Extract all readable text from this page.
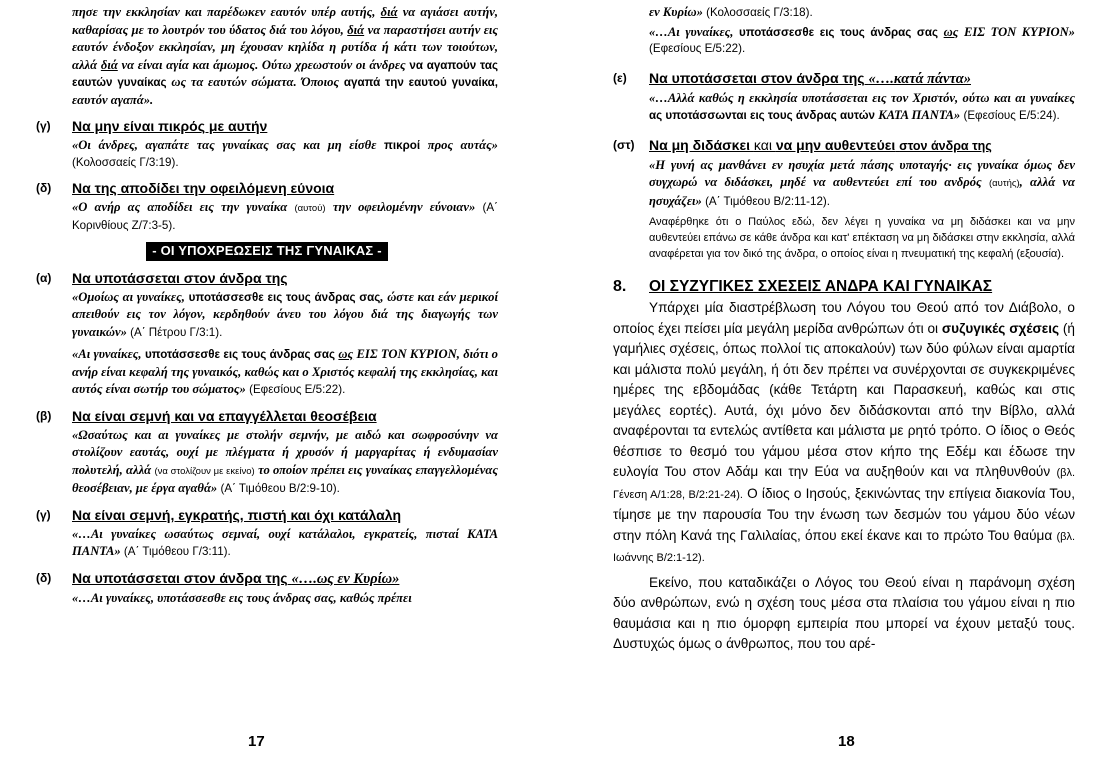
πησε την εκκλησίαν και παρέδωκεν εαυτόν υπέρ αυτής, διά να αγιάσει αυτήν, καθαρίσας με το λουτρόν του ύδατος διά του λόγου, διά να παραστήσει αυτήν εις εαυτόν ένδοξον εκκλησίαν, μη έχουσαν κηλίδα η ρυτίδα ή κάτι των τοιούτων, αλλά διά να είναι αγία και άμωμος. Ούτω χρεωστούν οι άνδρες να αγαπούν τας εαυτών γυναίκας ως τα εαυτών σώματα. Όποιος αγαπά την εαυτού γυναίκα, εαυτόν αγαπά».

(γ)	Να μην είναι πικρός με αυτήν

«Οι άνδρες, αγαπάτε τας γυναίκας σας και μη είσθε πικροί προς αυτάς» (Κολοσσαείς Γ/3:19).

(δ)	Να της αποδίδει την οφειλόμενη εύνοια

«Ο ανήρ ας αποδίδει εις την γυναίκα (αυτού) την οφειλομένην εύνοιαν» (Α΄ Κορινθίους Ζ/7:3-5).

- ΟΙ ΥΠΟΧΡΕΩΣΕΙΣ ΤΗΣ ΓΥΝΑΙΚΑΣ -
(α)	Να υποτάσσεται στον άνδρα της

«Ομοίως αι γυναίκες, υποτάσσεσθε εις τους άνδρας σας, ώστε και εάν μερικοί απειθούν εις τον λόγον, κερδηθούν άνευ του λόγου διά της διαγωγής των γυναικών» (Α΄ Πέτρου Γ/3:1).

«Αι γυναίκες, υποτάσσεσθε εις τους άνδρας σας ως ΕΙΣ ΤΟΝ ΚΥΡΙΟΝ, διότι ο ανήρ είναι κεφαλή της γυναικός, καθώς και ο Χριστός κεφαλή της εκκλησίας, και αυτός είναι σωτήρ του σώματος» (Εφεσίους Ε/5:22).

(β)	Να είναι σεμνή και να επαγγέλλεται θεοσέβεια

«Ωσαύτως και αι γυναίκες με στολήν σεμνήν, με αιδώ και σωφροσύνην να στολίζουν εαυτάς, ουχί με πλέγματα ή χρυσόν ή μαργαρίτας ή ενδυμασίαν πολυτελή, αλλά (να στολίζουν με εκείνο) το οποίον πρέπει εις γυναίκας επαγγελλομένας θεοσέβειαν, με έργα αγαθά» (Α΄ Τιμόθεου Β/2:9-10).

(γ)	Να είναι σεμνή, εγκρατής, πιστή και όχι κατάλαλη

«…Αι γυναίκες ωσαύτως σεμναί, ουχί κατάλαλοι, εγκρατείς, πισταί ΚΑΤΑ ΠΑΝΤΑ» (Α΄ Τιμόθεου Γ/3:11).

(δ)	Να υποτάσσεται στον άνδρα της «….ως εν Κυρίω»

«…Αι γυναίκες, υποτάσσεσθε εις τους άνδρας σας, καθώς πρέπει

17

εν Κυρίω» (Κολοσσαείς Γ/3:18).

«…Αι γυναίκες, υποτάσσεσθε εις τους άνδρας σας ως ΕΙΣ ΤΟΝ ΚΥΡΙΟΝ» (Εφεσίους Ε/5:22).

(ε)	Να υποτάσσεται στον άνδρα της «….κατά πάντα»

«…Αλλά καθώς η εκκλησία υποτάσσεται εις τον Χριστόν, ούτω και αι γυναίκες ας υποτάσσωνται εις τους άνδρας αυτών ΚΑΤΑ ΠΑΝΤΑ» (Εφεσίους Ε/5:24).

(στ)	Να μη διδάσκει και να μην αυθεντεύει στον άνδρα της

«Η γυνή ας μανθάνει εν ησυχία μετά πάσης υποταγής· εις γυναίκα όμως δεν συγχωρώ να διδάσκει, μηδέ να αυθεντεύει επί του ανδρός (αυτής), αλλά να ησυχάζει» (Α΄ Τιμόθεου Β/2:11-12).

Αναφέρθηκε ότι ο Παύλος εδώ, δεν λέγει η γυναίκα να μη διδάσκει και να μην αυθεντεύει επάνω σε κάθε άνδρα και κατ' επέκταση να μη διδάσκει στην εκκλησία, αλλά αναφέρεται για τον δικό της άνδρα, ο οποίος είναι η πνευματική της κεφαλή (εξουσία).

8.	ΟΙ ΣΥΖΥΓΙΚΕΣ ΣΧΕΣΕΙΣ ΑΝΔΡΑ ΚΑΙ ΓΥΝΑΙΚΑΣ

Υπάρχει μία διαστρέβλωση του Λόγου του Θεού από τον Διάβολο, ο οποίος έχει πείσει μία μεγάλη μερίδα ανθρώπων ότι οι συζυγικές σχέσεις (ή γαμήλιες σχέσεις, όπως πολλοί τις αποκαλούν) των δύο φύλων είναι αμαρτία και μάλιστα πολύ μεγάλη, ή ότι δεν πρέπει να συνέρχονται σε συγκεκριμένες ημέρες της εβδομάδας (κάθε Τετάρτη και Παρασκευή, καθώς και στις μεγάλες εορτές). Αυτά, όχι μόνο δεν διδάσκονται από την Βίβλο, αλλά αναφέρονται τα εντελώς αντίθετα και μάλιστα με ρητό τρόπο. Ο ίδιος ο Θεός θέσπισε το θεσμό του γάμου μέσα στον κήπο της Εδέμ και έδωσε την ευλογία Του στον Αδάμ και την Εύα να αυξηθούν και να πληθυνθούν (βλ. Γένεση Α/1:28, Β/2:21-24). Ο ίδιος ο Ιησούς, ξεκινώντας την επίγεια διακονία Του, τίμησε με την παρουσία Του την ένωση των δεσμών του γάμου δύο νέων στην πόλη Κανά της Γαλιλαίας, όπου εκεί έκανε και το πρώτο Του θαύμα (βλ. Ιωάννης Β/2:1-12).

Εκείνο, που καταδικάζει ο Λόγος του Θεού είναι η παράνομη σχέση δύο ανθρώπων, ενώ η σχέση τους μέσα στα πλαίσια του γάμου είναι η πιο θαυμάσια και η πιο όμορφη εμπειρία που μπορεί να έχουν μεταξύ τους. Δυστυχώς όμως ο άνθρωπος, που του αρέ-

18
